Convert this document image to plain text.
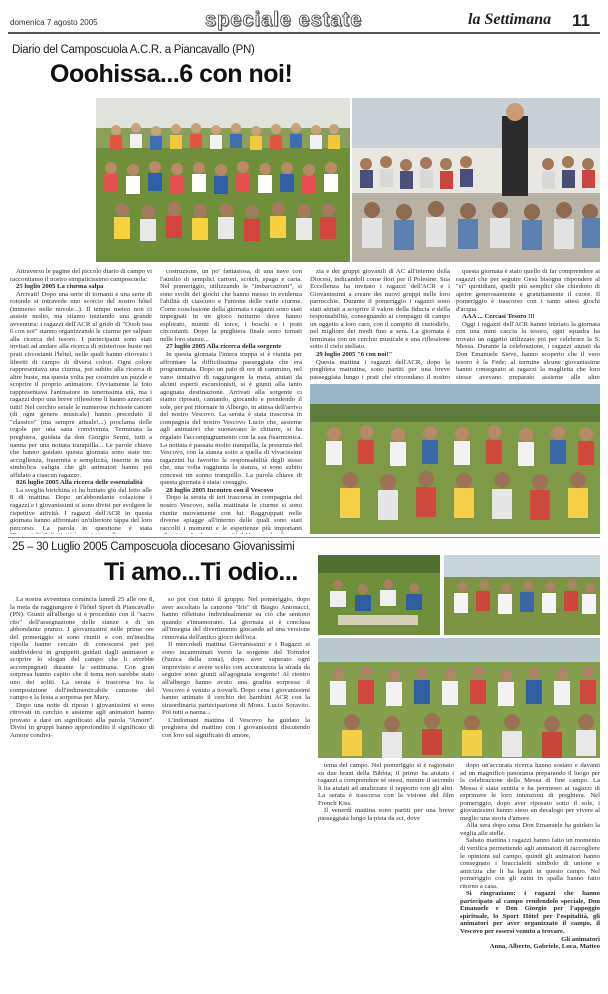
domenica 7 agosto 2005	speciale estate	la Settimana 11
Diario del Camposcuola A.C.R. a Piancavallo (PN)
Ooohissa...6 con noi!

Attraverso le pagine del piccolo diario di campo vi raccontiamo il nostro simpaticissimo camposcuola:

25 luglio 2005 La ciurma salpa

Arrivati! Dopo una serie di tornanti e una serie di rotonde si intravede uno scorcio del nostro hôtel (immerso nelle nuvole...). Il tempo meteo non ci assiste molto, ma stiamo iniziando una grande avventura: i ragazzi dell'ACR al grido di "Oooh issa 6 con noi" stanno organizzando le ciurme per salpare alla ricerca del tesoro. I partecipanti sono stati invitati ad andare alla ricerca di misteriose buste nei prati circostanti l'hôtel, nelle quali hanno ritrovato i libretti di campo di diversi colori. Ogni colore rappresentava una ciurma, poi subito alla ricerca di altre buste, ma questa volta per costruire un puzzle e scoprire il proprio animatore. Ovviamente la foto rappresentava l'animatore in tenerissima età, ma i ragazzi dopo una breve riflessione li hanno azzeccati tutti! Nel cerchio serale le numerose richieste canore (di ogni genere musicale) hanno preceduto il "classico" (ma sempre attuale!...) proclama delle regole per una sana convivenza. Terminata la preghiera, guidata da don Giorgio Sermi, tutti a nanna per una nottata tranquilla... Le parole chiave che hanno guidato questa giornata sono state tre: accoglienza, fraternità e semplicità, inserite in una simbolica valigia che gli animatori hanno poi affidato a ciascun ragazzo.

026 luglio 2005 Alla ricerca delle essenzialità

La sveglia birichina ci ha buttato giù dal letto alle 8 di mattina. Dopo un'abbondante colazione i ragazzi e i giovanissimi si sono divisi per svolgere le rispettive attività. I ragazzi dell'ACR in questa giornata hanno affrontato un'ulteriore tappa del loro percorso. La parola in questione è stata

costruzione, un po' fantasiosa, di una nave con l'ausilio di semplici cartoni, scotch, spago e carta. Nel pomeriggio, utilizzando le "imbarcazioni", si sono svolti dei giochi che hanno messo in evidenza l'abilità di ciascuno e l'unione delle varie ciurme. Come conclusione della giornata i ragazzi sono stati impegnati in un gioco notturno dove hanno esplorato, muniti di torce, i boschi e i prati circostanti. Dopo la preghiera finale sono tornati nelle loro stanze...

27 luglio 2005 Alla ricerca della sorgente

In questa giornata l'intera truppa si è riunita per affrontare la difficilissima passeggiata che era programmata. Dopo un paio di ore di cammino, nel vano tentativo di raggiungere la meta, aiutati da alcuni esperti escursionisti, si è giunti alla tanto agognata destinazione. Arrivati alla sorgente ci siamo riposati, cantando, giocando e prendendo il sole, per poi ritornare in Albergo, in attesa dell'arrivo del nostro Vescovo. La serata è stata trascorsa in compagnia del nostro Vescovo Lucio che, assieme agli animatori che suonavano le chitarre, si ha regalato l'accompagnamento con la sua fisarmonica. La nottata è passata molto tranquilla, la presenza del Vescovo, con la stanza sotto a quella di vivacissimi ragazzini ha favorito la responsabilità degli stessi che, una volta raggiunta la stanza, si sono subito concessi un sonno tranquillo. La parola chiave di questa giornata è stata: coraggio.

28 luglio 2005 Incontro con il Vescovo

Dopo la serata di ieri trascorsa in compagnia del nostro Vescovo, nella mattinata le ciurme si sono riunite nuovamente con lui. Raggruppati nelle diverse spiagge all'interno delle quali sono stati raccolti i momenti e le esperienze più importanti

zia e dei gruppi giovanili di AC all'interno della Diocesi, indicandoli come fiori per il Polesine. Sua Eccellenza ha invitato i ragazzi dell'ACR e i Giovanissimi a creare dei nuovi gruppi nelle loro parrocchie. Durante il pomeriggio i ragazzi sono stati aiutati a scoprire il valore della fiducia e della responsabilità, consegnando ai compagni di campo un oggetto a loro caro, con il compito di custodirlo, nel migliore dei modi fino a sera. La giornata è terminata con un cerchio musicale e una riflessione sotto il cielo stellato.

29 luglio 2005 "6 con noi!"

Questa mattina i ragazzi dell'ACR, dopo la preghiera mattutina, sono partiti per una breve passeggiata lungo i prati che circondano il nostro

questa giornata è stato quello di far comprendere ai ragazzi che per seguire Gesù bisogna rispondere al "sì" quotidiani, quelli più semplici che chiedono di aprire generosamente e gratuitamente il cuore. Il pomeriggio è trascorso con i tanto attesi giochi d'acqua.

AAA ... Cercasi Tesoro !!!

Oggi i ragazzi dell'ACR hanno iniziato la giornata con una mini caccia la tesoro, ogni squadra ha trovato un oggetto utilizzato poi per celebrare la S. Messa. Durante la celebrazione, i ragazzi aiutati da Don Emanuele Sieve, hanno scoperto che il vero tesoro è la Fede; al termine alcune giovanissime hanno consegnato ai ragazzi la maglietta che loro stesse avevano preparato assieme alle altre

25 – 30 Luglio 2005 Camposcuola diocesano Giovanissimi
Ti amo...Ti odio...

La nostra avventura comincia lunedì 25 alle ore 8, la meta da raggiungere è l'hôtel Sport di Piancavallo (PN). Giunti all'albergo si è proceduto con il "sacro rito" dell'assegnazione delle stanze e di un abbondante pranzo. I giovanissimi nelle prime ore del pomeriggio si sono riuniti e con un'insolita cipolla hanno cercato di conoscersi per poi suddividersi in gruppetti guidati dagli animatori e scoprire lo slogan del campo che li avrebbe accompagnati durante la settimana. Con gran sorpresa hanno capito che il tema non sarebbe stato uno dei soliti. La serata è trascorsa tra la composizione dell'indimenticabile canzone del campo e la festa a sorpresa per Mary.

Dopo una notte di riposo i giovanissimi si sono ritrovati in cerchio e assieme agli animatori hanno provato a dare un significato alla parola "Amore". Divisi in gruppi hanno approfondito il significato di Amore condivi-

so poi con tutto il gruppo. Nel pomeriggio, dopo aver ascoltato la canzone "Iris" di Biagio Antonacci, hanno riflettuto individualmente su ciò che sentono quando s'innamorano. La giornata si è conclusa all'insegna del divertimento giocando ad una versione rinnovata dell'antico gioco dell'oca.

Il mercoledì mattina Giovanissimi e i Ragazzi si sono incamminati verso la sorgente del Tornidor (l'unica della zona), dopo aver superato ogni imprevisto e avere scelto con accuratezza la strada da seguire sono giunti all'agognata sorgente! Al rientro all'albergo hanno avuto una gradita sorpresa: il Vescovo è venuto a trovarli. Dopo cena i giovanissimi hanno animato il cerchio dei bambini ACR con la straordinaria partecipazione di Mons. Lucio Soravito. Poi tutti a nanna...

L'indomani mattina il Vescovo ha guidato la preghiera del mattino con i giovanissimi discutendo con loro sul significato di amore,

tema del campo. Nel pomeriggio si è ragionato su due brani della Bibbia; il primo ha aiutato i ragazzi a comprendere sé stessi, mentre il secondo li ha aiutati ad analizzare il rapporto con gli altri. La serata è trascorsa con la visione del film French Kiss.

Il venerdì mattina sono partiti per una breve passeggiata lungo la pista da sci, dove

dopo un'accurata ricerca hanno sostato e davanti ad un magnifico panorama preparando il luogo per la celebrazione della Messa di fine campo. La Messa è stata sentita e ha permesso ai ragazzi di esprimere le loro intenzioni di preghiera. Nel pomeriggio, dopo aver riposato sotto il sole, i giovanissimi hanno steso un decalogo per vivere al meglio una storia d'amore.

Alla sera dopo cena Don Emanuele ha guidato la veglia alle stelle.

Sabato mattina i ragazzi hanno fatto un momento di verifica permettendo agli animatori di raccogliere le opinioni sul campo, quindi gli animatori hanno consegnato i braccialetti simbolo di unione e amicizia che li ha legati in questo campo. Nel pomeriggio con gli zaini in spalla hanno fatto ritorno a casa.

Si ringraziano: i ragazzi che hanno partecipato al campo rendendolo speciale, Don Emanuele e Don Giorgio per l'appoggio spirituale, lo Sport Hôtel per l'ospitalità, gli animatori per aver organizzato il campo, il Vescovo per essersi venuto a trovare.

Gli animatori

Anna, Alberto, Gabriele, Luca, Matteo
